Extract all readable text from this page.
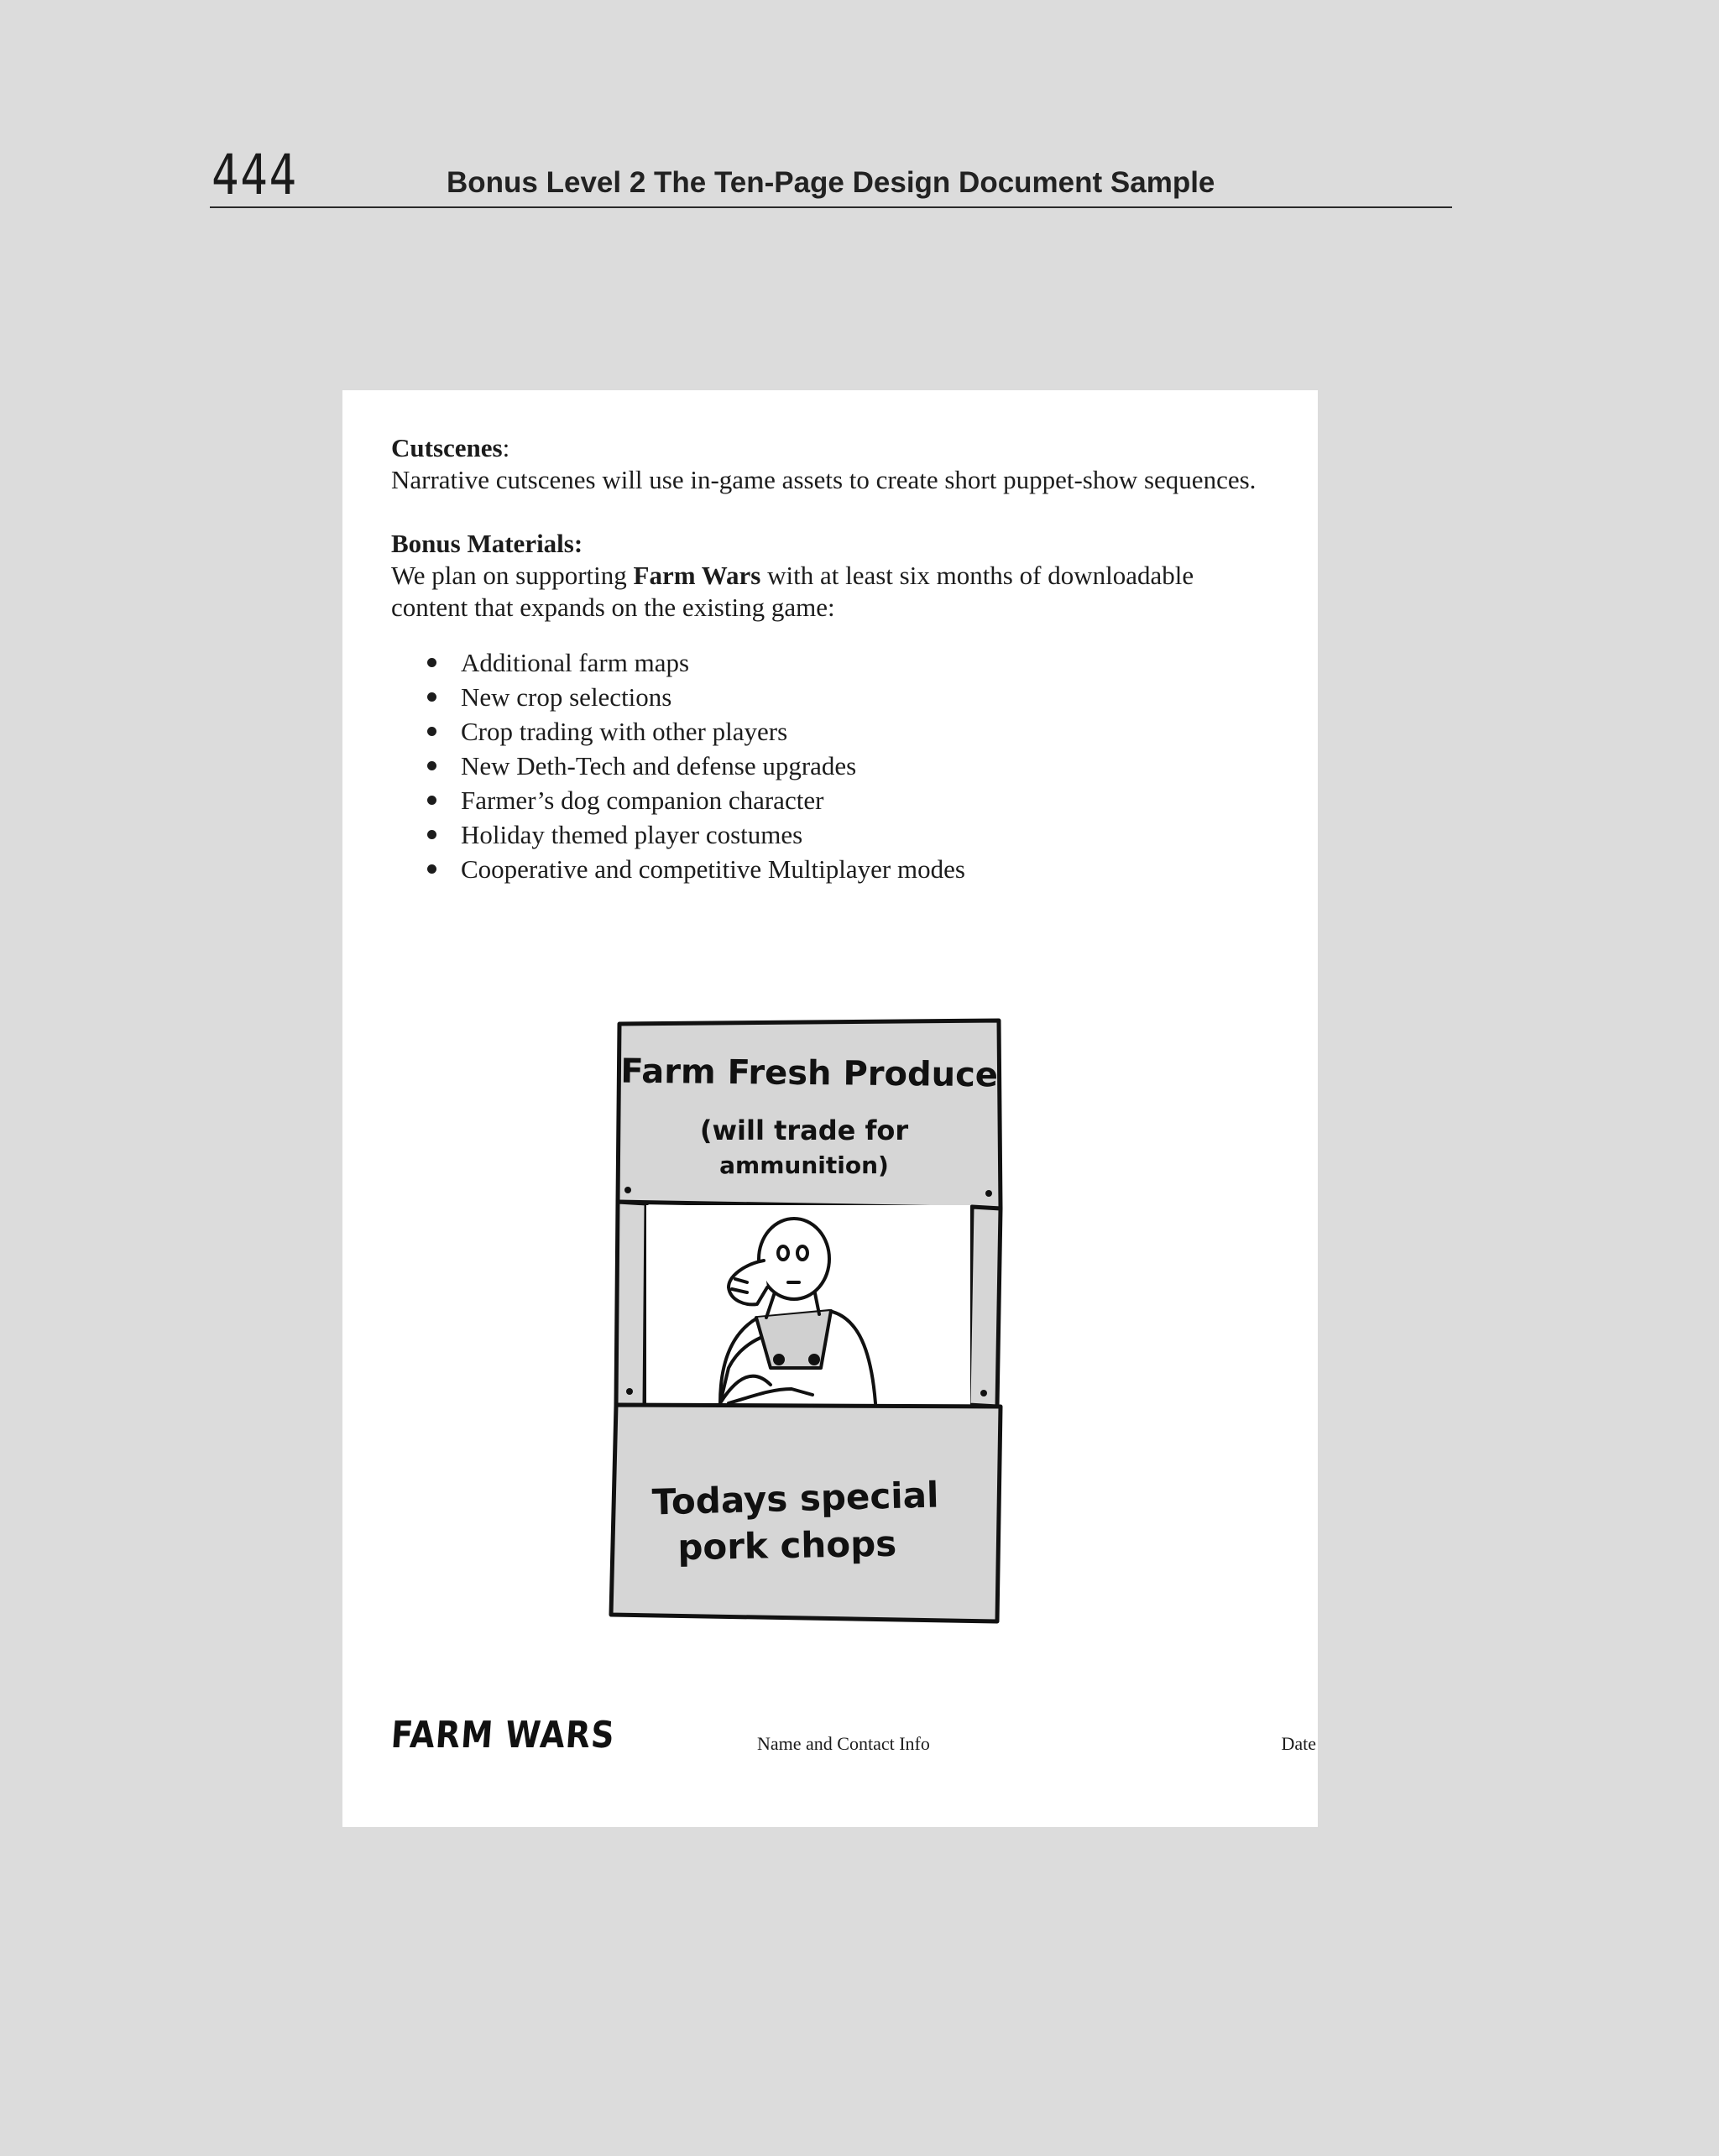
444	Bonus Level 2 The Ten-Page Design Document Sample

Cutscenes:

Narrative cutscenes will use in-game assets to create short puppet-show sequences.

Bonus Materials:

We plan on supporting Farm Wars with at least six months of downloadable content that expands on the existing game:

Additional farm maps
New crop selections
Crop trading with other players
New Deth-Tech and defense upgrades
Farmer’s dog companion character
Holiday themed player costumes
Cooperative and competitive Multiplayer modes
Farm Fresh Produce
(will trade for
ammunition)
Todays special
pork chops
FARM WARS	Name and Contact Info	Date
